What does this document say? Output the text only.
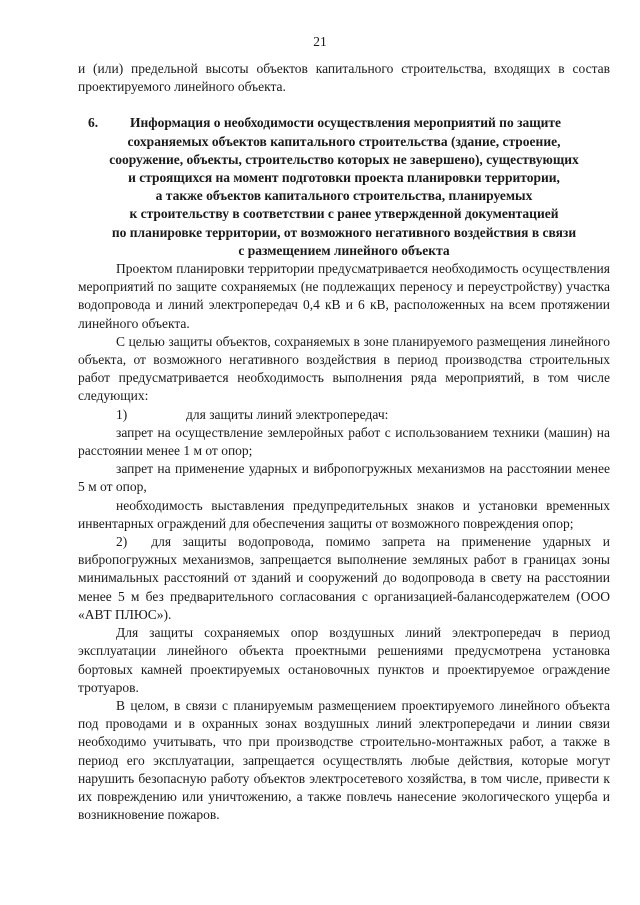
21

и (или) предельной высоты объектов капитального строительства, входящих в состав проектируемого линейного объекта.

6. Информация о необходимости осуществления мероприятий по защите
сохраняемых объектов капитального строительства (здание, строение,
сооружение, объекты, строительство которых не завершено), существующих
и строящихся на момент подготовки проекта планировки территории,
а также объектов капитального строительства, планируемых
к строительству в соответствии с ранее утвержденной документацией
по планировке территории, от возможного негативного воздействия в связи
с размещением линейного объекта

Проектом планировки территории предусматривается необходимость осуществления мероприятий по защите сохраняемых (не подлежащих переносу и переустройству) участка водопровода и линий электропередач 0,4 кВ и 6 кВ, расположенных на всем протяжении линейного объекта.

С целью защиты объектов, сохраняемых в зоне планируемого размещения линейного объекта, от возможного негативного воздействия в период производства строительных работ предусматривается необходимость выполнения ряда мероприятий, в том числе следующих:

1)	для защиты линий электропередач:

запрет на осуществление землеройных работ с использованием техники (машин) на расстоянии менее 1 м от опор;

запрет на применение ударных и вибропогружных механизмов на расстоянии менее 5 м от опор,

необходимость выставления предупредительных знаков и установки временных инвентарных ограждений для обеспечения защиты от возможного повреждения опор;

2) для защиты водопровода, помимо запрета на применение ударных и вибропогружных механизмов, запрещается выполнение земляных работ в границах зоны минимальных расстояний от зданий и сооружений до водопровода в свету на расстоянии менее 5 м без предварительного согласования с организацией-балансодержателем (ООО «АВТ ПЛЮС»).

Для защиты сохраняемых опор воздушных линий электропередач в период эксплуатации линейного объекта проектными решениями предусмотрена установка бортовых камней проектируемых остановочных пунктов и проектируемое ограждение тротуаров.

В целом, в связи с планируемым размещением проектируемого линейного объекта под проводами и в охранных зонах воздушных линий электропередачи и линии связи необходимо учитывать, что при производстве строительно-монтажных работ, а также в период его эксплуатации, запрещается осуществлять любые действия, которые могут нарушить безопасную работу объектов электросетевого хозяйства, в том числе, привести к их повреждению или уничтожению, а также повлечь нанесение экологического ущерба и возникновение пожаров.
